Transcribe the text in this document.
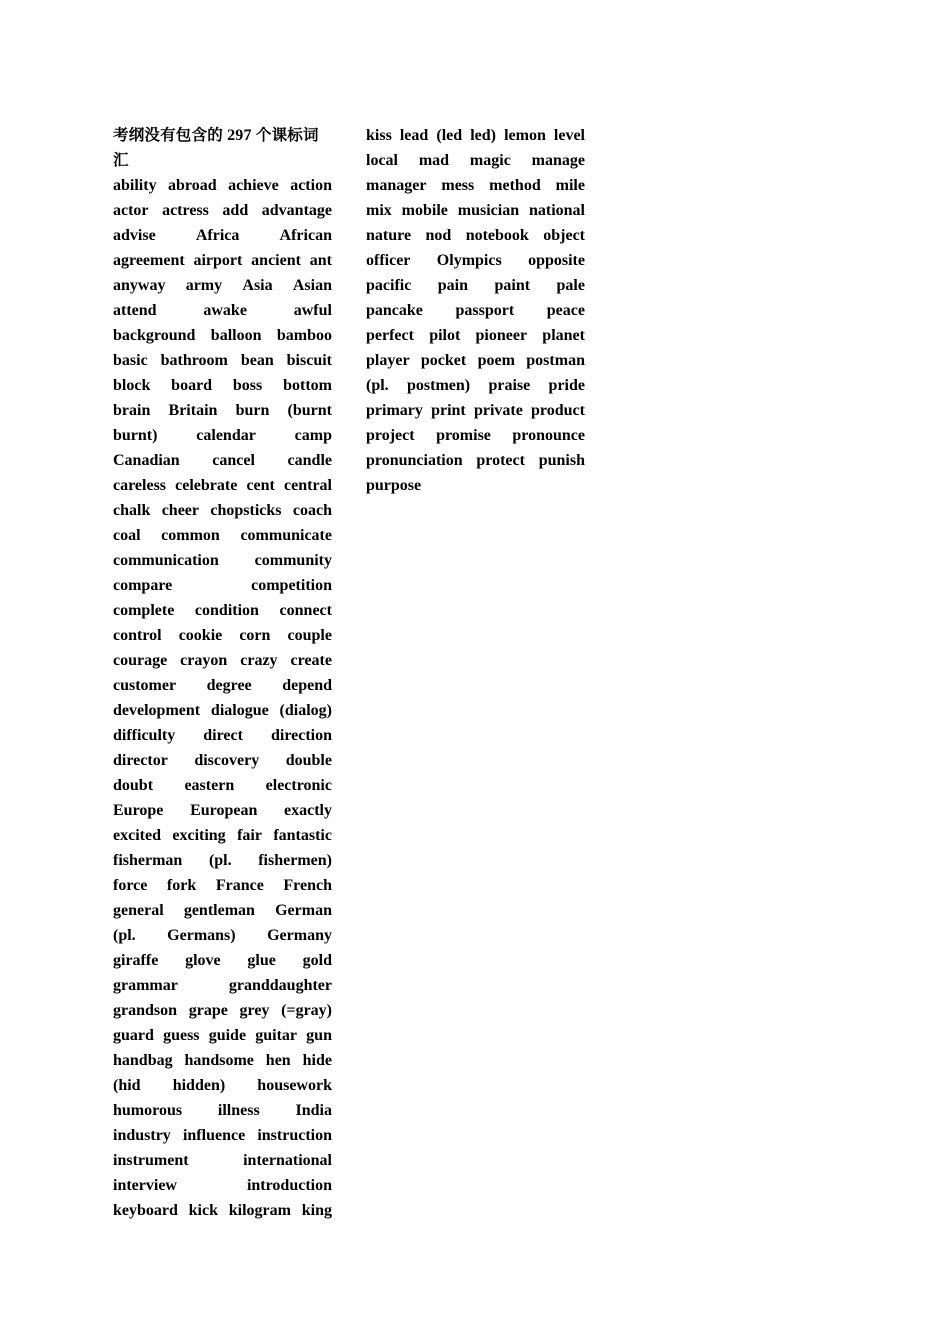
考纲没有包含的 297 个课标词
汇
ability abroad achieve action
actor actress add advantage
advise	Africa	African
agreement airport ancient ant
anyway army Asia Asian
attend	awake	awful
background balloon bamboo
basic bathroom bean biscuit
block board boss bottom
brain Britain burn (burnt
burnt) calendar camp
Canadian cancel candle
careless celebrate cent central
chalk cheer chopsticks coach
coal common communicate
communication community
compare	competition
complete condition connect
control cookie corn couple
courage crayon crazy create
customer degree depend
development dialogue (dialog)
difficulty direct direction
director discovery double
doubt eastern electronic
Europe European exactly
excited exciting fair fantastic
fisherman (pl. fishermen)
force fork France French
general gentleman German
(pl. Germans) Germany
giraffe glove glue gold
grammar	granddaughter
grandson grape grey (=gray)
guard guess guide guitar gun
handbag handsome hen hide
(hid hidden) housework
humorous illness India
industry influence instruction
instrument	international
interview	introduction
keyboard kick kilogram king
kiss lead (led led) lemon level
local mad magic manage
manager mess method mile
mix mobile musician national
nature nod notebook object
officer Olympics opposite
pacific pain paint pale
pancake passport peace
perfect pilot pioneer planet
player pocket poem postman
(pl. postmen) praise pride
primary print private product
project promise pronounce
pronunciation protect punish
purpose
